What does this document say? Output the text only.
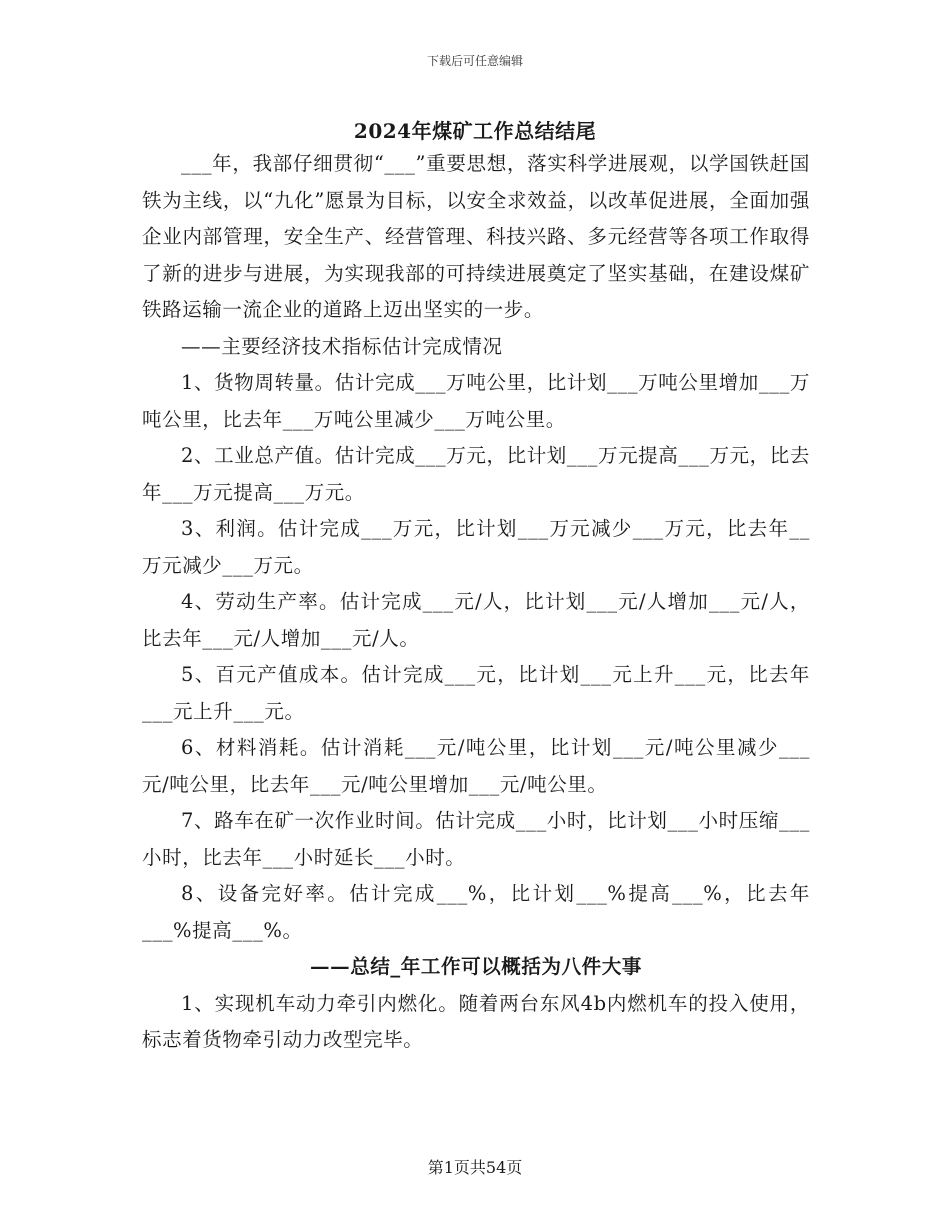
下载后可任意编辑
2024年煤矿工作总结结尾

___年，我部仔细贯彻“___”重要思想，落实科学进展观，以学国铁赶国铁为主线，以“九化”愿景为目标，以安全求效益，以改革促进展，全面加强企业内部管理，安全生产、经营管理、科技兴路、多元经营等各项工作取得了新的进步与进展，为实现我部的可持续进展奠定了坚实基础，在建设煤矿铁路运输一流企业的道路上迈出坚实的一步。

——主要经济技术指标估计完成情况

1、货物周转量。估计完成___万吨公里，比计划___万吨公里增加___万吨公里，比去年___万吨公里减少___万吨公里。

2、工业总产值。估计完成___万元，比计划___万元提高___万元，比去年___万元提高___万元。

3、利润。估计完成___万元，比计划___万元减少___万元，比去年__万元减少___万元。

4、劳动生产率。估计完成___元/人，比计划___元/人增加___元/人，比去年___元/人增加___元/人。

5、百元产值成本。估计完成___元，比计划___元上升___元，比去年___元上升___元。

6、材料消耗。估计消耗___元/吨公里，比计划___元/吨公里减少___元/吨公里，比去年___元/吨公里增加___元/吨公里。

7、路车在矿一次作业时间。估计完成___小时，比计划___小时压缩___小时，比去年___小时延长___小时。

8、设备完好率。估计完成___%，比计划___%提高___%，比去年___%提高___%。

——总结_年工作可以概括为八件大事

1、实现机车动力牵引内燃化。随着两台东风4b内燃机车的投入使用，标志着货物牵引动力改型完毕。

第1页共54页
